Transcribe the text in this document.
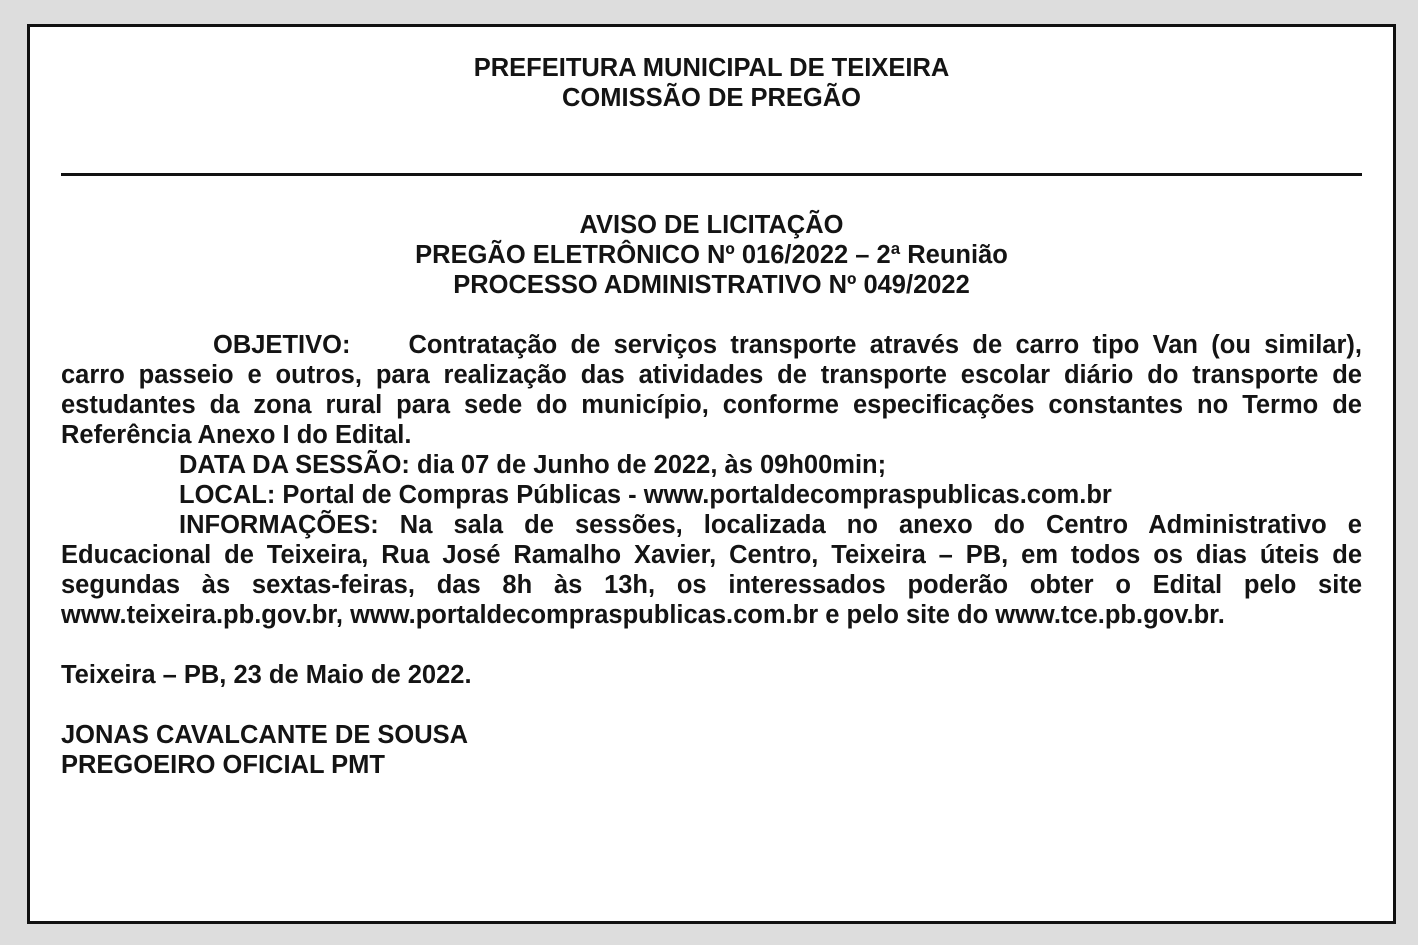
PREFEITURA MUNICIPAL DE TEIXEIRA
COMISSÃO DE PREGÃO
AVISO DE LICITAÇÃO
PREGÃO ELETRÔNICO Nº 016/2022 – 2ª Reunião
PROCESSO ADMINISTRATIVO Nº 049/2022

OBJETIVO: Contratação de serviços transporte através de carro tipo Van (ou similar), carro passeio e outros, para realização das atividades de transporte escolar diário do transporte de estudantes da zona rural para sede do município, conforme especificações constantes no Termo de Referência Anexo I do Edital.

DATA DA SESSÃO: dia 07 de Junho de 2022, às 09h00min;

LOCAL: Portal de Compras Públicas - www.portaldecompraspublicas.com.br

INFORMAÇÕES: Na sala de sessões, localizada no anexo do Centro Administrativo e Educacional de Teixeira, Rua José Ramalho Xavier, Centro, Teixeira – PB, em todos os dias úteis de segundas às sextas-feiras, das 8h às 13h, os interessados poderão obter o Edital pelo site www.teixeira.pb.gov.br, www.portaldecompraspublicas.com.br e pelo site do www.tce.pb.gov.br.

Teixeira – PB, 23 de Maio de 2022.

JONAS CAVALCANTE DE SOUSA

PREGOEIRO OFICIAL PMT
